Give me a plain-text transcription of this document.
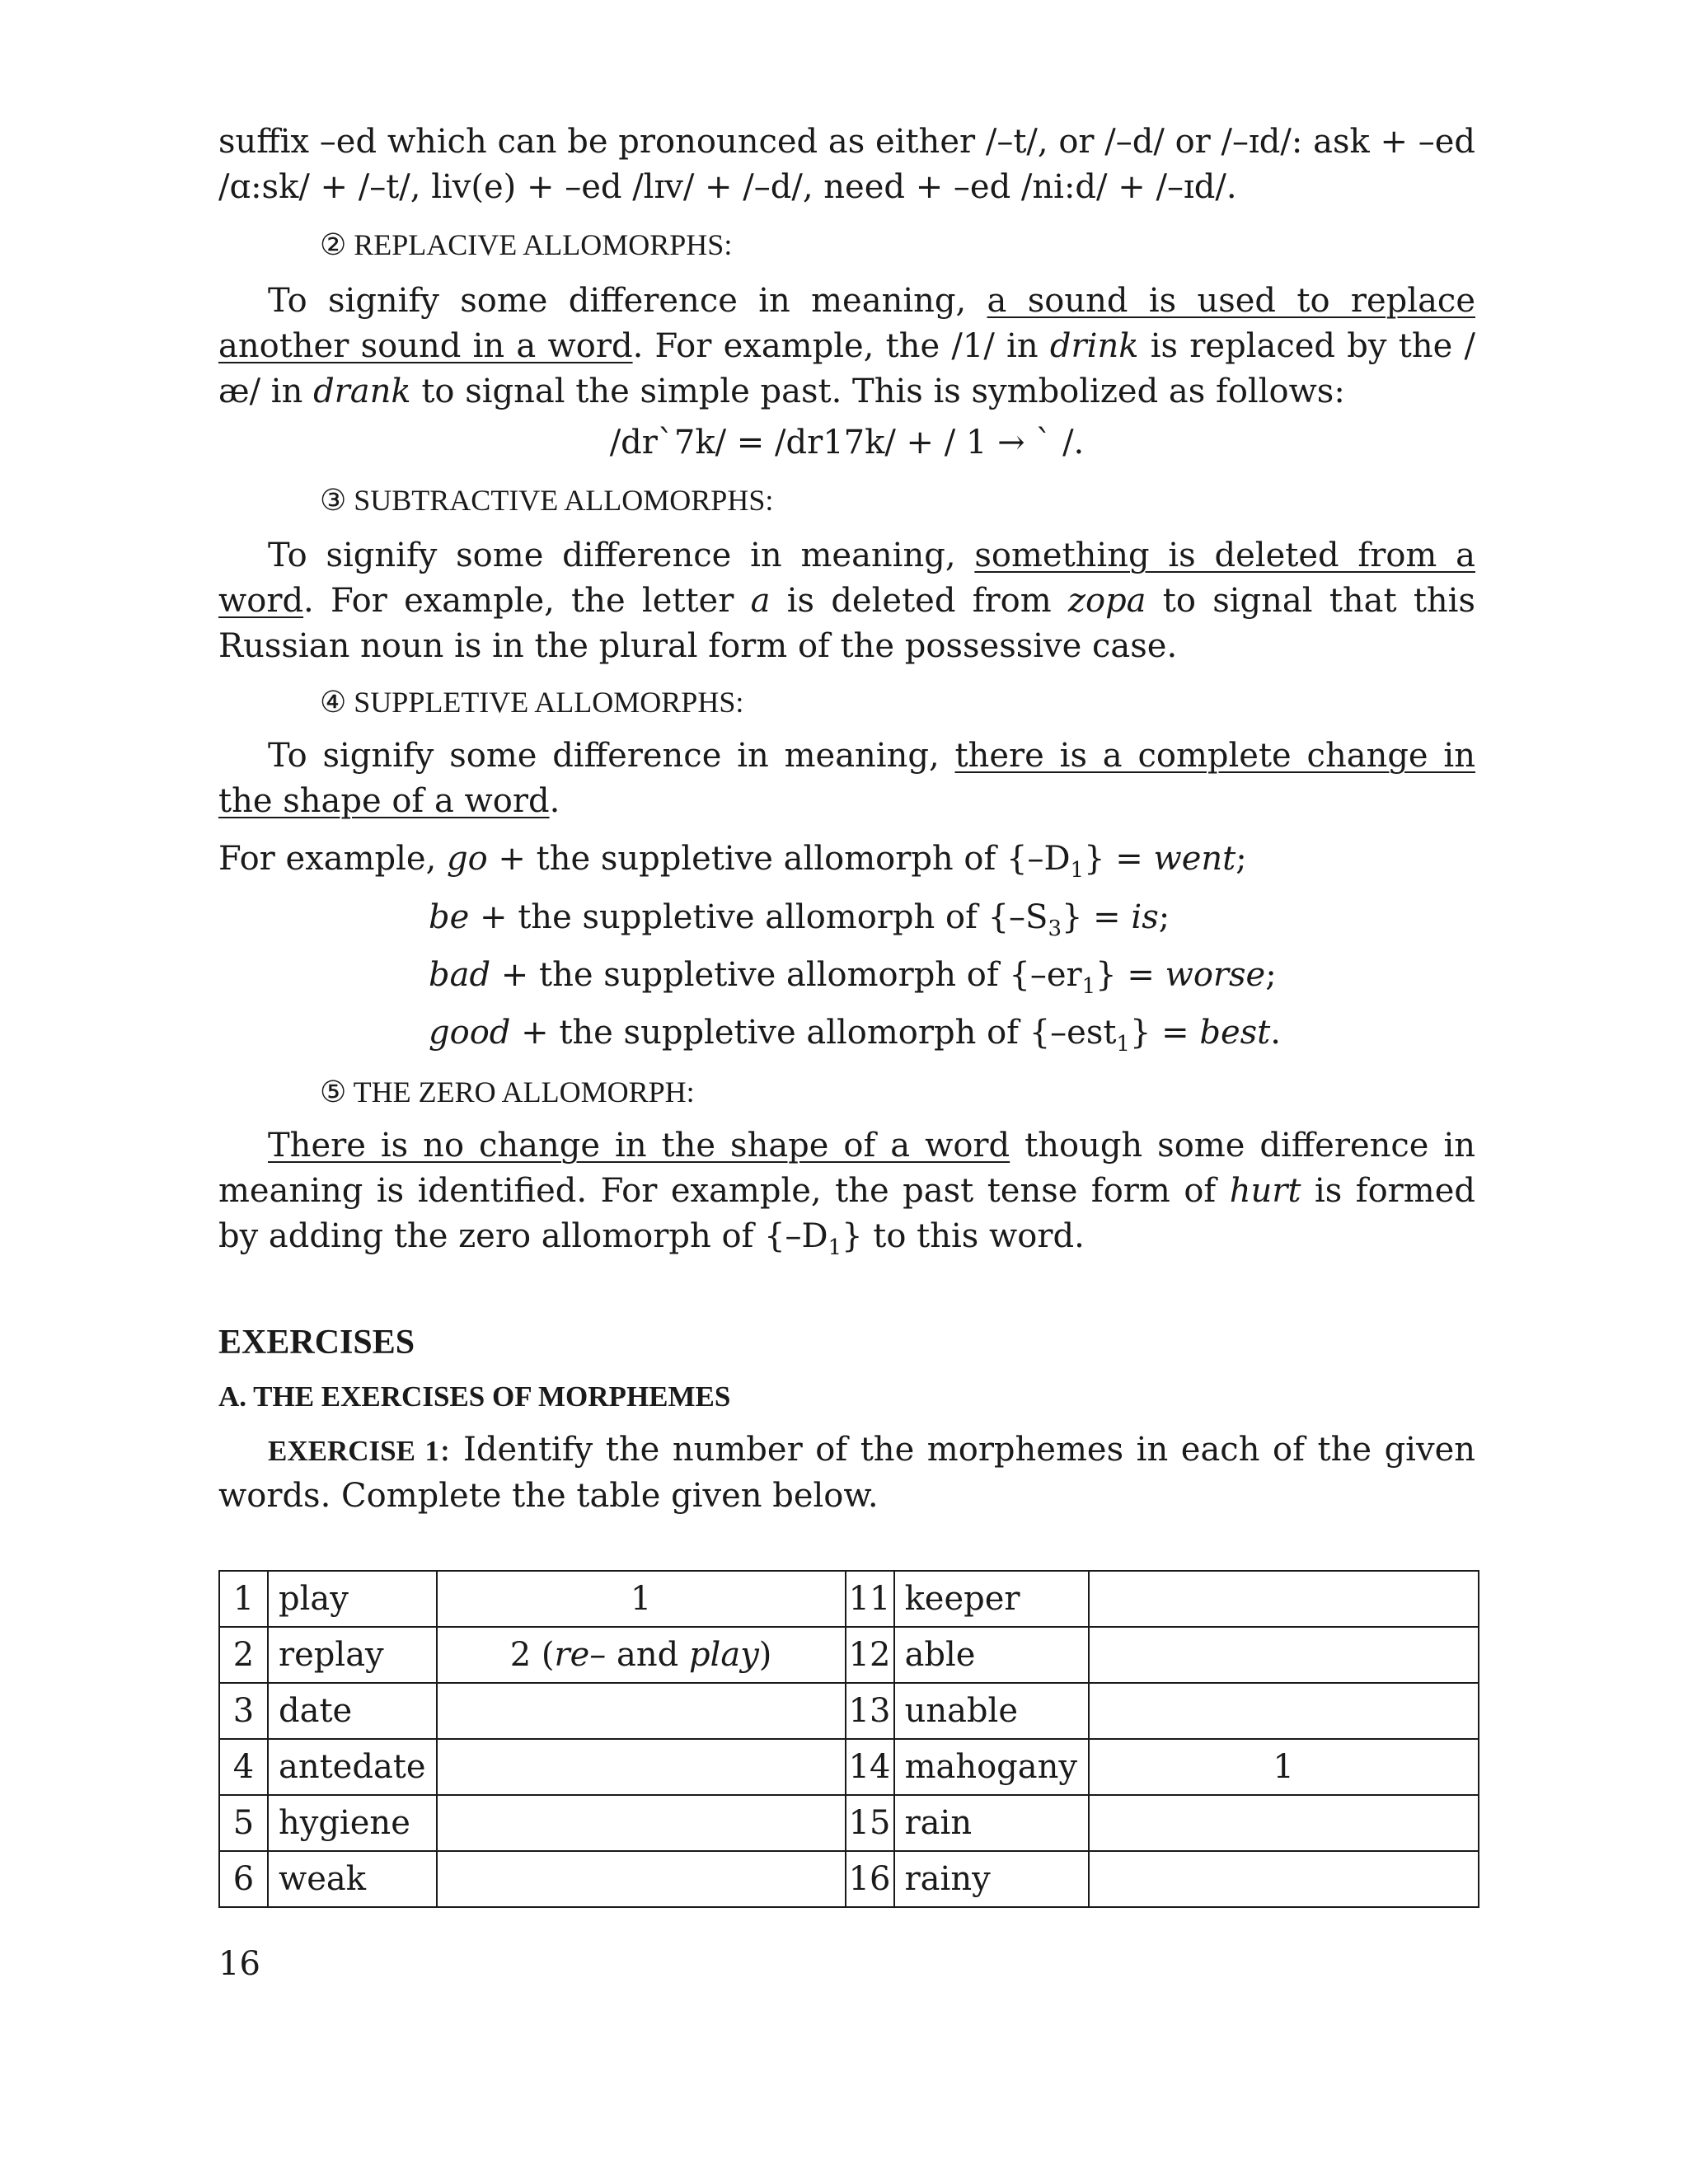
suffix –ed which can be pronounced as either /–t/, or /–d/ or /–ɪd/: ask + –ed /ɑ:sk/ + /–t/, liv(e) + –ed /lɪv/ + /–d/, need + –ed /ni:d/ + /–ɪd/.

② REPLACIVE ALLOMORPHS:

To signify some difference in meaning, a sound is used to replace another sound in a word. For example, the /1/ in drink is replaced by the /æ/ in drank to signal the simple past. This is symbolized as follows:

/dr`7k/ = /dr17k/ + / 1 → ` /.

③ SUBTRACTIVE ALLOMORPHS:

To signify some difference in meaning, something is deleted from a word. For example, the letter a is deleted from zopa to signal that this Russian noun is in the plural form of the possessive case.

④ SUPPLETIVE ALLOMORPHS:

To signify some difference in meaning, there is a complete change in the shape of a word.

For example, go + the suppletive allomorph of $\{-D_1\}$ = went;

be + the suppletive allomorph of $\{-S_3\}$ = is;

bad + the suppletive allomorph of $\{-er_1\}$ = worse;

good + the suppletive allomorph of {–est$_1$} = best.

⑤ THE ZERO ALLOMORPH:

There is no change in the shape of a word though some difference in meaning is identified. For example, the past tense form of hurt is formed by adding the zero allomorph of $\{-D_1\}$ to this word.

EXERCISES

A. THE EXERCISES OF MORPHEMES

EXERCISE 1: Identify the number of the morphemes in each of the given words. Complete the table given below.

1	play	1	11	keeper	
2	replay	2 (re– and play)	12	able	
3	date		13	unable	
4	antedate		14	mahogany	1
5	hygiene		15	rain	
6	weak		16	rainy	
16
